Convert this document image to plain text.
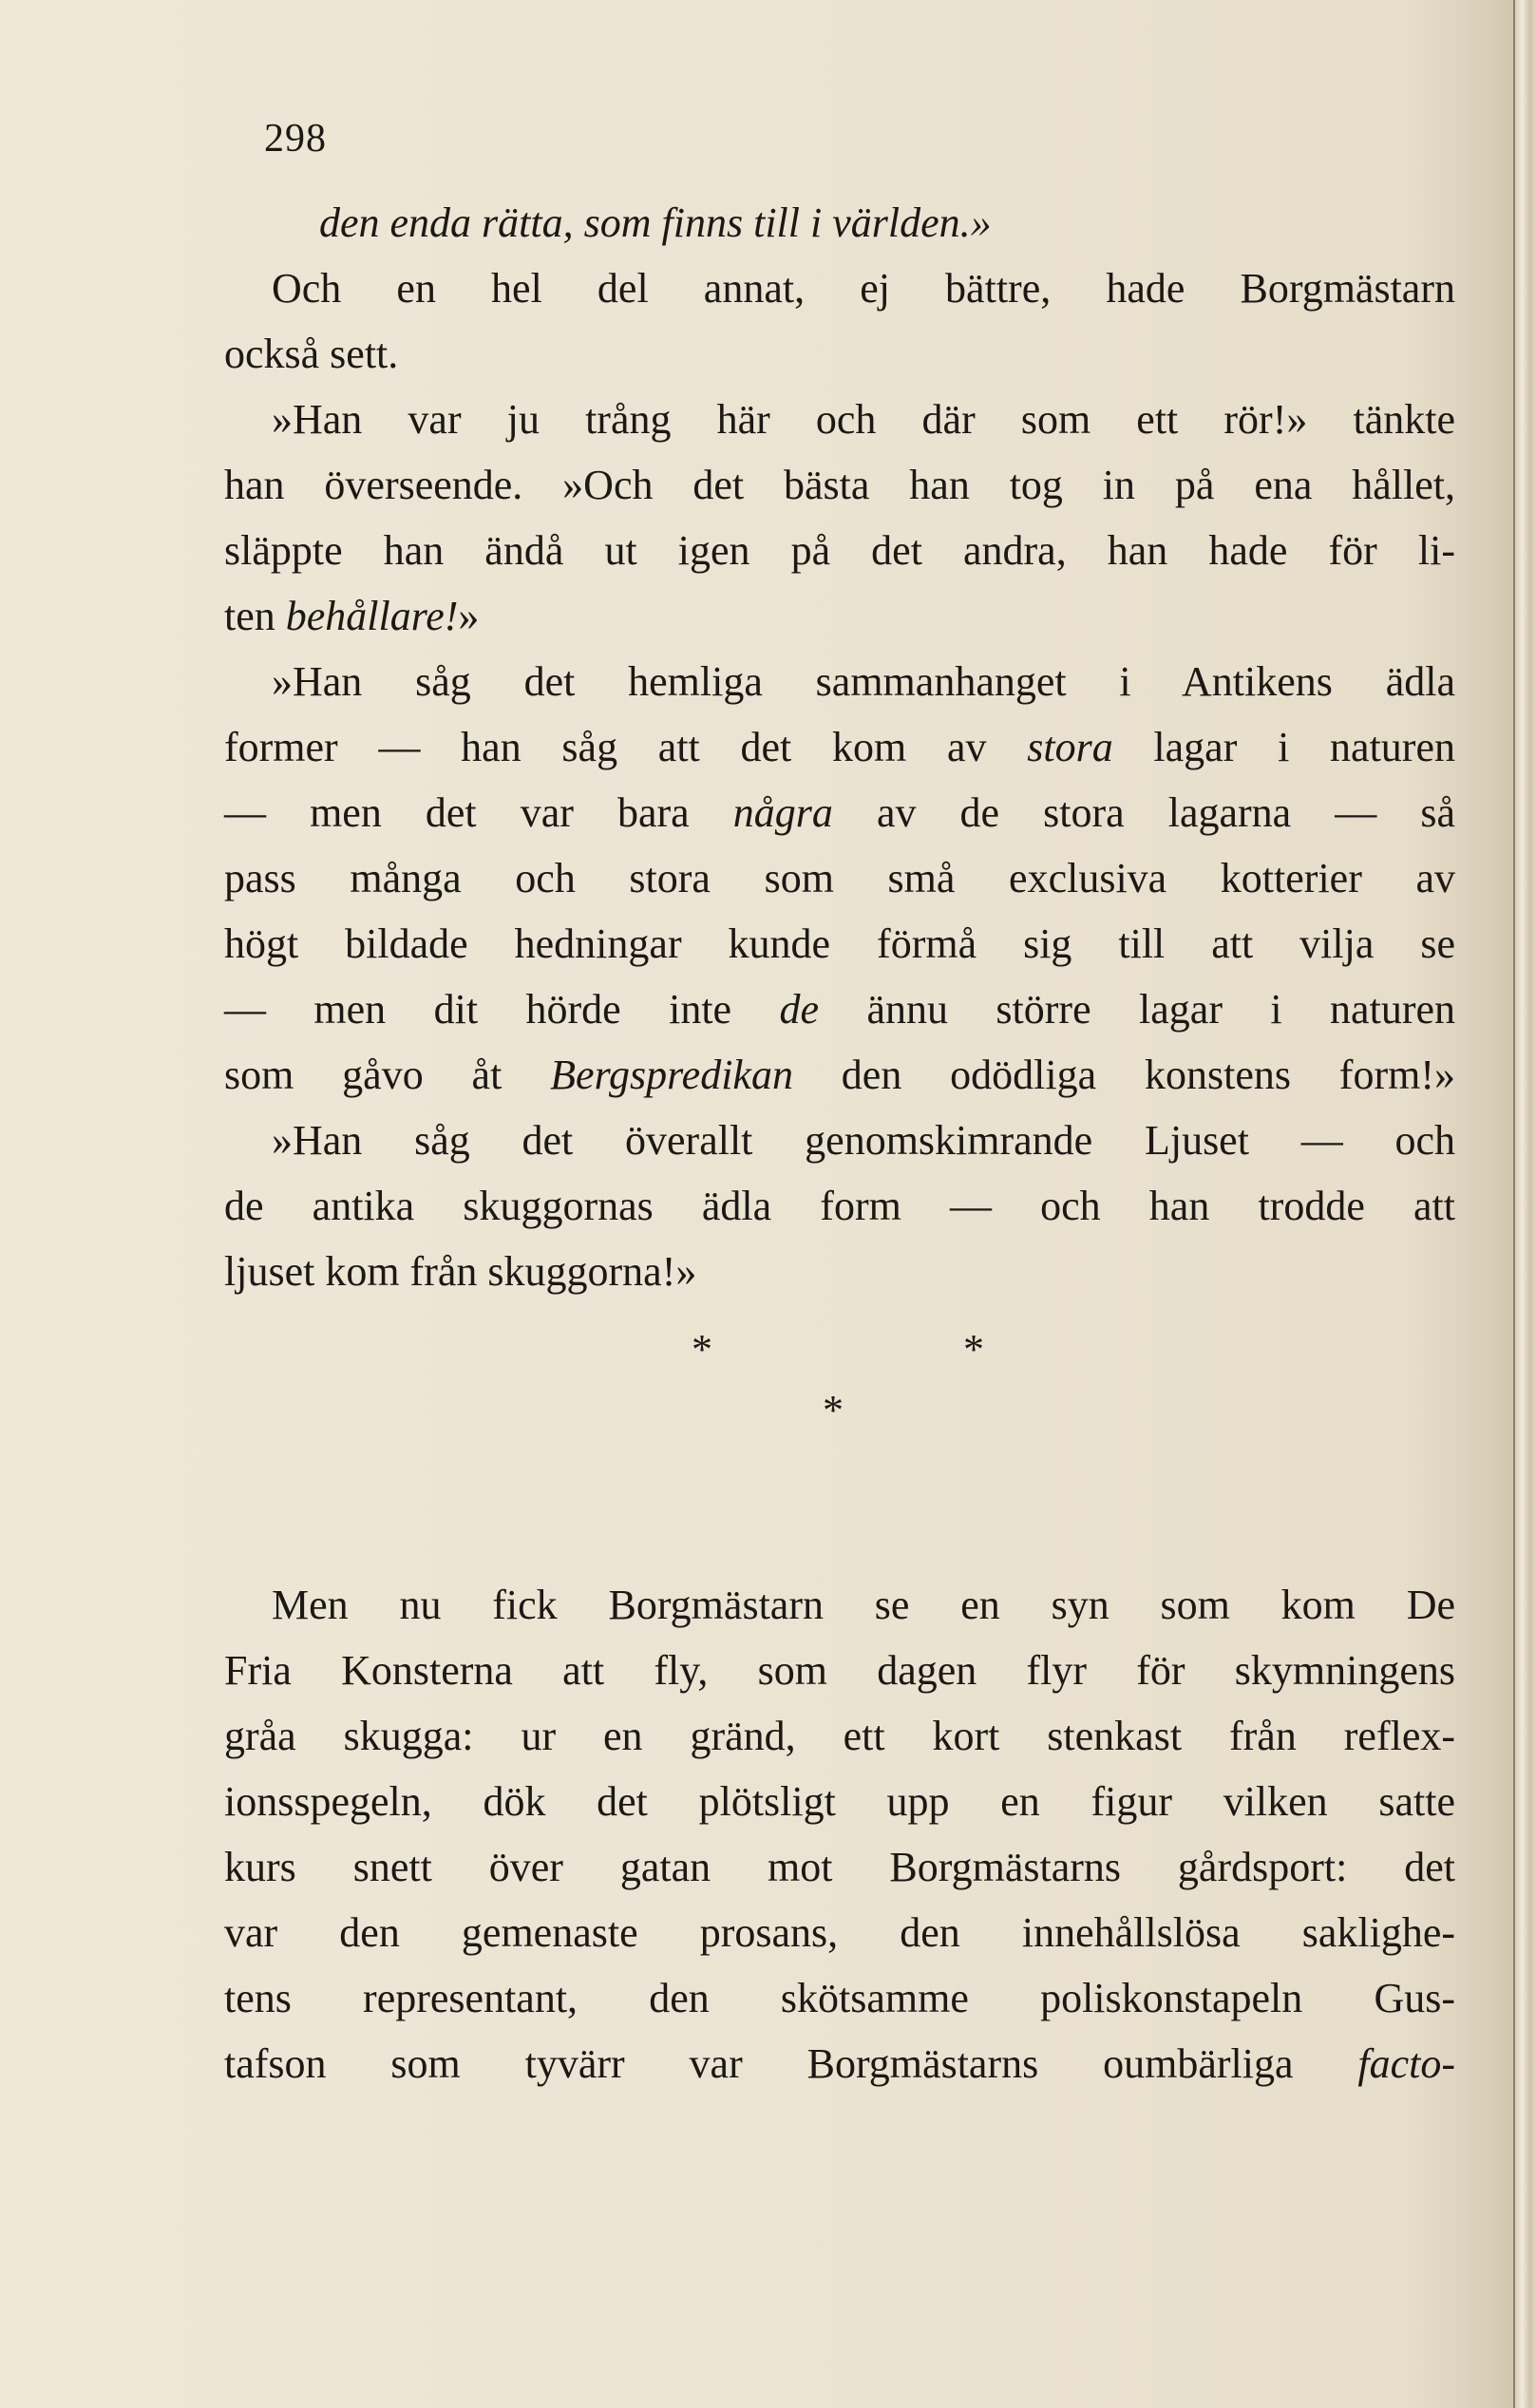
298
den enda rätta, som finns till i världen.»
Och en hel del annat, ej bättre, hade Borgmästarn
också sett.
»Han var ju trång här och där som ett rör!» tänkte
han överseende. »Och det bästa han tog in på ena hållet,
släppte han ändå ut igen på det andra, han hade för li-
ten behållare!»
»Han såg det hemliga sammanhanget i Antikens ädla
former — han såg att det kom av stora lagar i naturen
— men det var bara några av de stora lagarna — så
pass många och stora som små exclusiva kotterier av
högt bildade hedningar kunde förmå sig till att vilja se
— men dit hörde inte de ännu större lagar i naturen
som gåvo åt Bergspredikan den odödliga konstens form!»
»Han såg det överallt genomskimrande Ljuset — och
de antika skuggornas ädla form — och han trodde att
ljuset kom från skuggorna!»
*	*
*
Men nu fick Borgmästarn se en syn som kom De
Fria Konsterna att fly, som dagen flyr för skymningens
gråa skugga: ur en gränd, ett kort stenkast från reflex-
ionsspegeln, dök det plötsligt upp en figur vilken satte
kurs snett över gatan mot Borgmästarns gårdsport: det
var den gemenaste prosans, den innehållslösa saklighe-
tens representant, den skötsamme poliskonstapeln Gus-
tafson som tyvärr var Borgmästarns oumbärliga facto-
